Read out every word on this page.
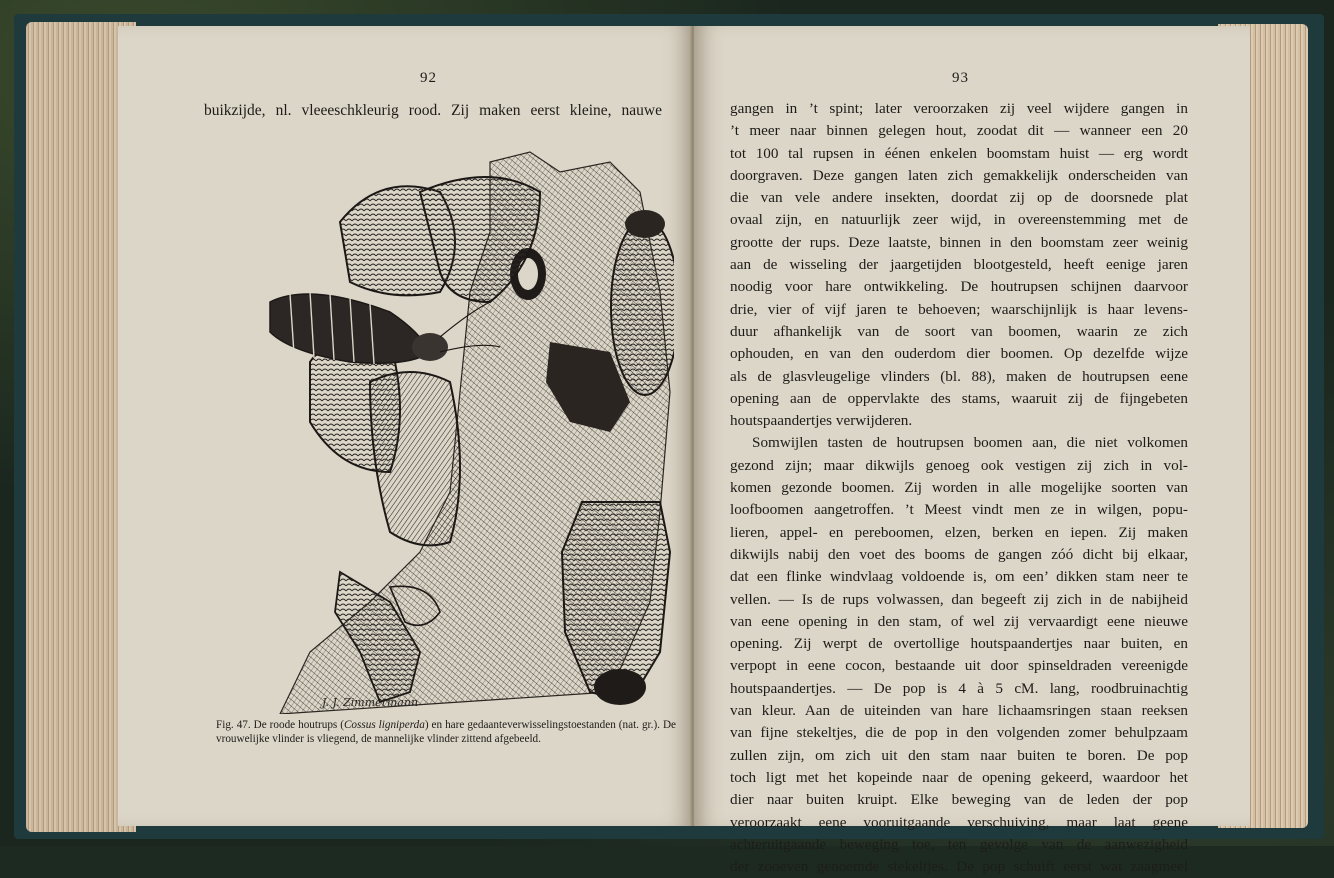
92
buikzijde, nl. vleeeschkleurig rood. Zij maken eerst kleine, nauwe
J. J. Zimmermann
Fig. 47. De roode houtrups (Cossus ligniperda) en hare gedaanteverwisselingstoestanden (nat. gr.). De vrouwelijke vlinder is vliegend, de mannelijke vlinder zittend afgebeeld.
93
gangen in ’t spint; later veroorzaken zij veel wijdere gangen in
’t meer naar binnen gelegen hout, zoodat dit — wanneer een 20
tot 100 tal rupsen in éénen enkelen boomstam huist — erg wordt
doorgraven. Deze gangen laten zich gemakkelijk onderscheiden van
die van vele andere insekten, doordat zij op de doorsnede plat
ovaal zijn, en natuurlijk zeer wijd, in overeenstemming met de
grootte der rups. Deze laatste, binnen in den boomstam zeer weinig
aan de wisseling der jaargetijden blootgesteld, heeft eenige jaren
noodig voor hare ontwikkeling. De houtrupsen schijnen daarvoor
drie, vier of vijf jaren te behoeven; waarschijnlijk is haar levens-
duur afhankelijk van de soort van boomen, waarin ze zich
ophouden, en van den ouderdom dier boomen. Op dezelfde wijze
als de glasvleugelige vlinders (bl. 88), maken de houtrupsen eene
opening aan de oppervlakte des stams, waaruit zij de fijngebeten
houtspaandertjes verwijderen.
Somwijlen tasten de houtrupsen boomen aan, die niet volkomen
gezond zijn; maar dikwijls genoeg ook vestigen zij zich in vol-
komen gezonde boomen. Zij worden in alle mogelijke soorten van
loofboomen aangetroffen. ’t Meest vindt men ze in wilgen, popu-
lieren, appel- en pereboomen, elzen, berken en iepen. Zij maken
dikwijls nabij den voet des booms de gangen zóó dicht bij elkaar,
dat een flinke windvlaag voldoende is, om een’ dikken stam neer te
vellen. — Is de rups volwassen, dan begeeft zij zich in de nabijheid
van eene opening in den stam, of wel zij vervaardigt eene nieuwe
opening. Zij werpt de overtollige houtspaandertjes naar buiten, en
verpopt in eene cocon, bestaande uit door spinseldraden vereenigde
houtspaandertjes. — De pop is 4 à 5 cM. lang, roodbruinachtig
van kleur. Aan de uiteinden van hare lichaamsringen staan reeksen
van fijne stekeltjes, die de pop in den volgenden zomer behulpzaam
zullen zijn, om zich uit den stam naar buiten te boren. De pop
toch ligt met het kopeinde naar de opening gekeerd, waardoor het
dier naar buiten kruipt. Elke beweging van de leden der pop
veroorzaakt eene vooruitgaande verschuiving, maar laat geene
achteruitgaande beweging toe, ten gevolge van de aanwezigheid
der zooeven genoemde stekeltjes. De pop schuift eerst wat zaagmeel
